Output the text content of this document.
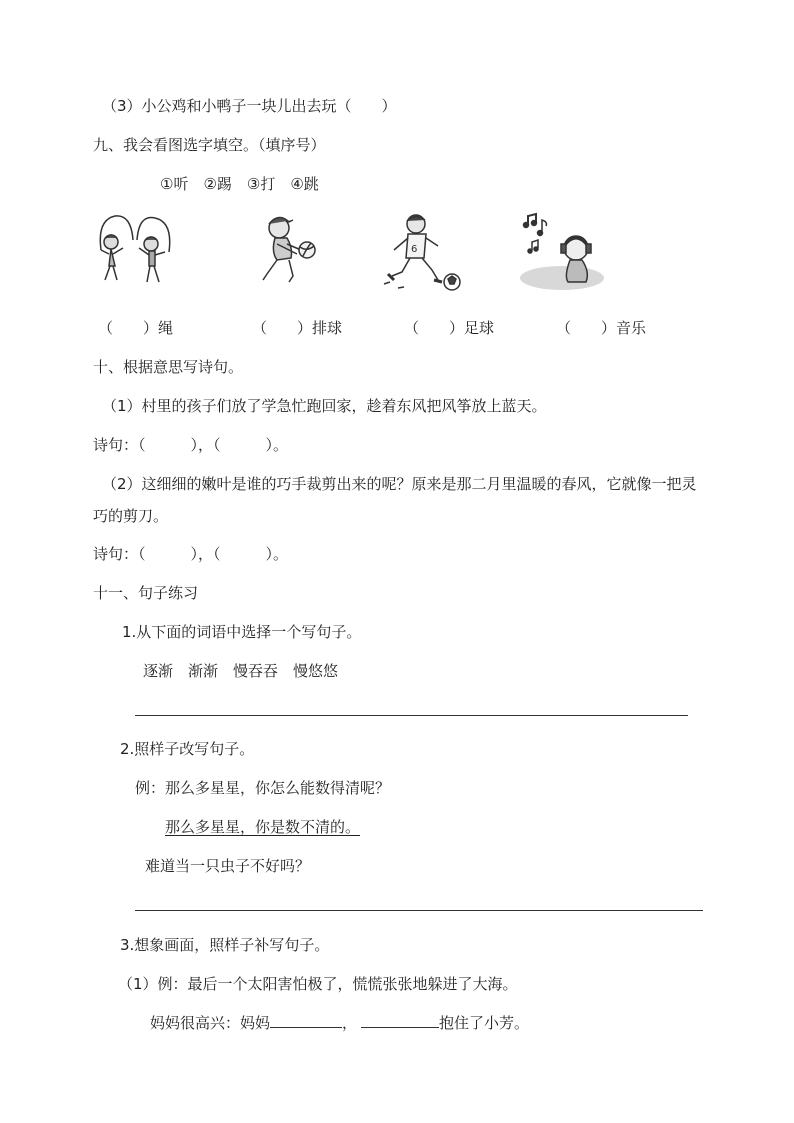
（3）小公鸡和小鸭子一块儿出去玩（　　）
九、我会看图选字填空。（填序号）
①听　②踢　③打　④跳
6
（　　）绳	（　　）排球	（　　）足球	（　　）音乐
十、根据意思写诗句。
（1）村里的孩子们放了学急忙跑回家，趁着东风把风筝放上蓝天。
诗句：（　　　），（　　　）。
（2）这细细的嫩叶是谁的巧手裁剪出来的呢？原来是那二月里温暖的春风，它就像一把灵
巧的剪刀。
诗句：（　　　），（　　　）。
十一、句子练习
1.从下面的词语中选择一个写句子。
逐渐　渐渐　慢吞吞　慢悠悠
2.照样子改写句子。
例：那么多星星，你怎么能数得清呢？
那么多星星，你是数不清的。
难道当一只虫子不好吗？
3.想象画面，照样子补写句子。
（1）例：最后一个太阳害怕极了，慌慌张张地躲进了大海。
妈妈很高兴：妈妈	，	抱住了小芳。
